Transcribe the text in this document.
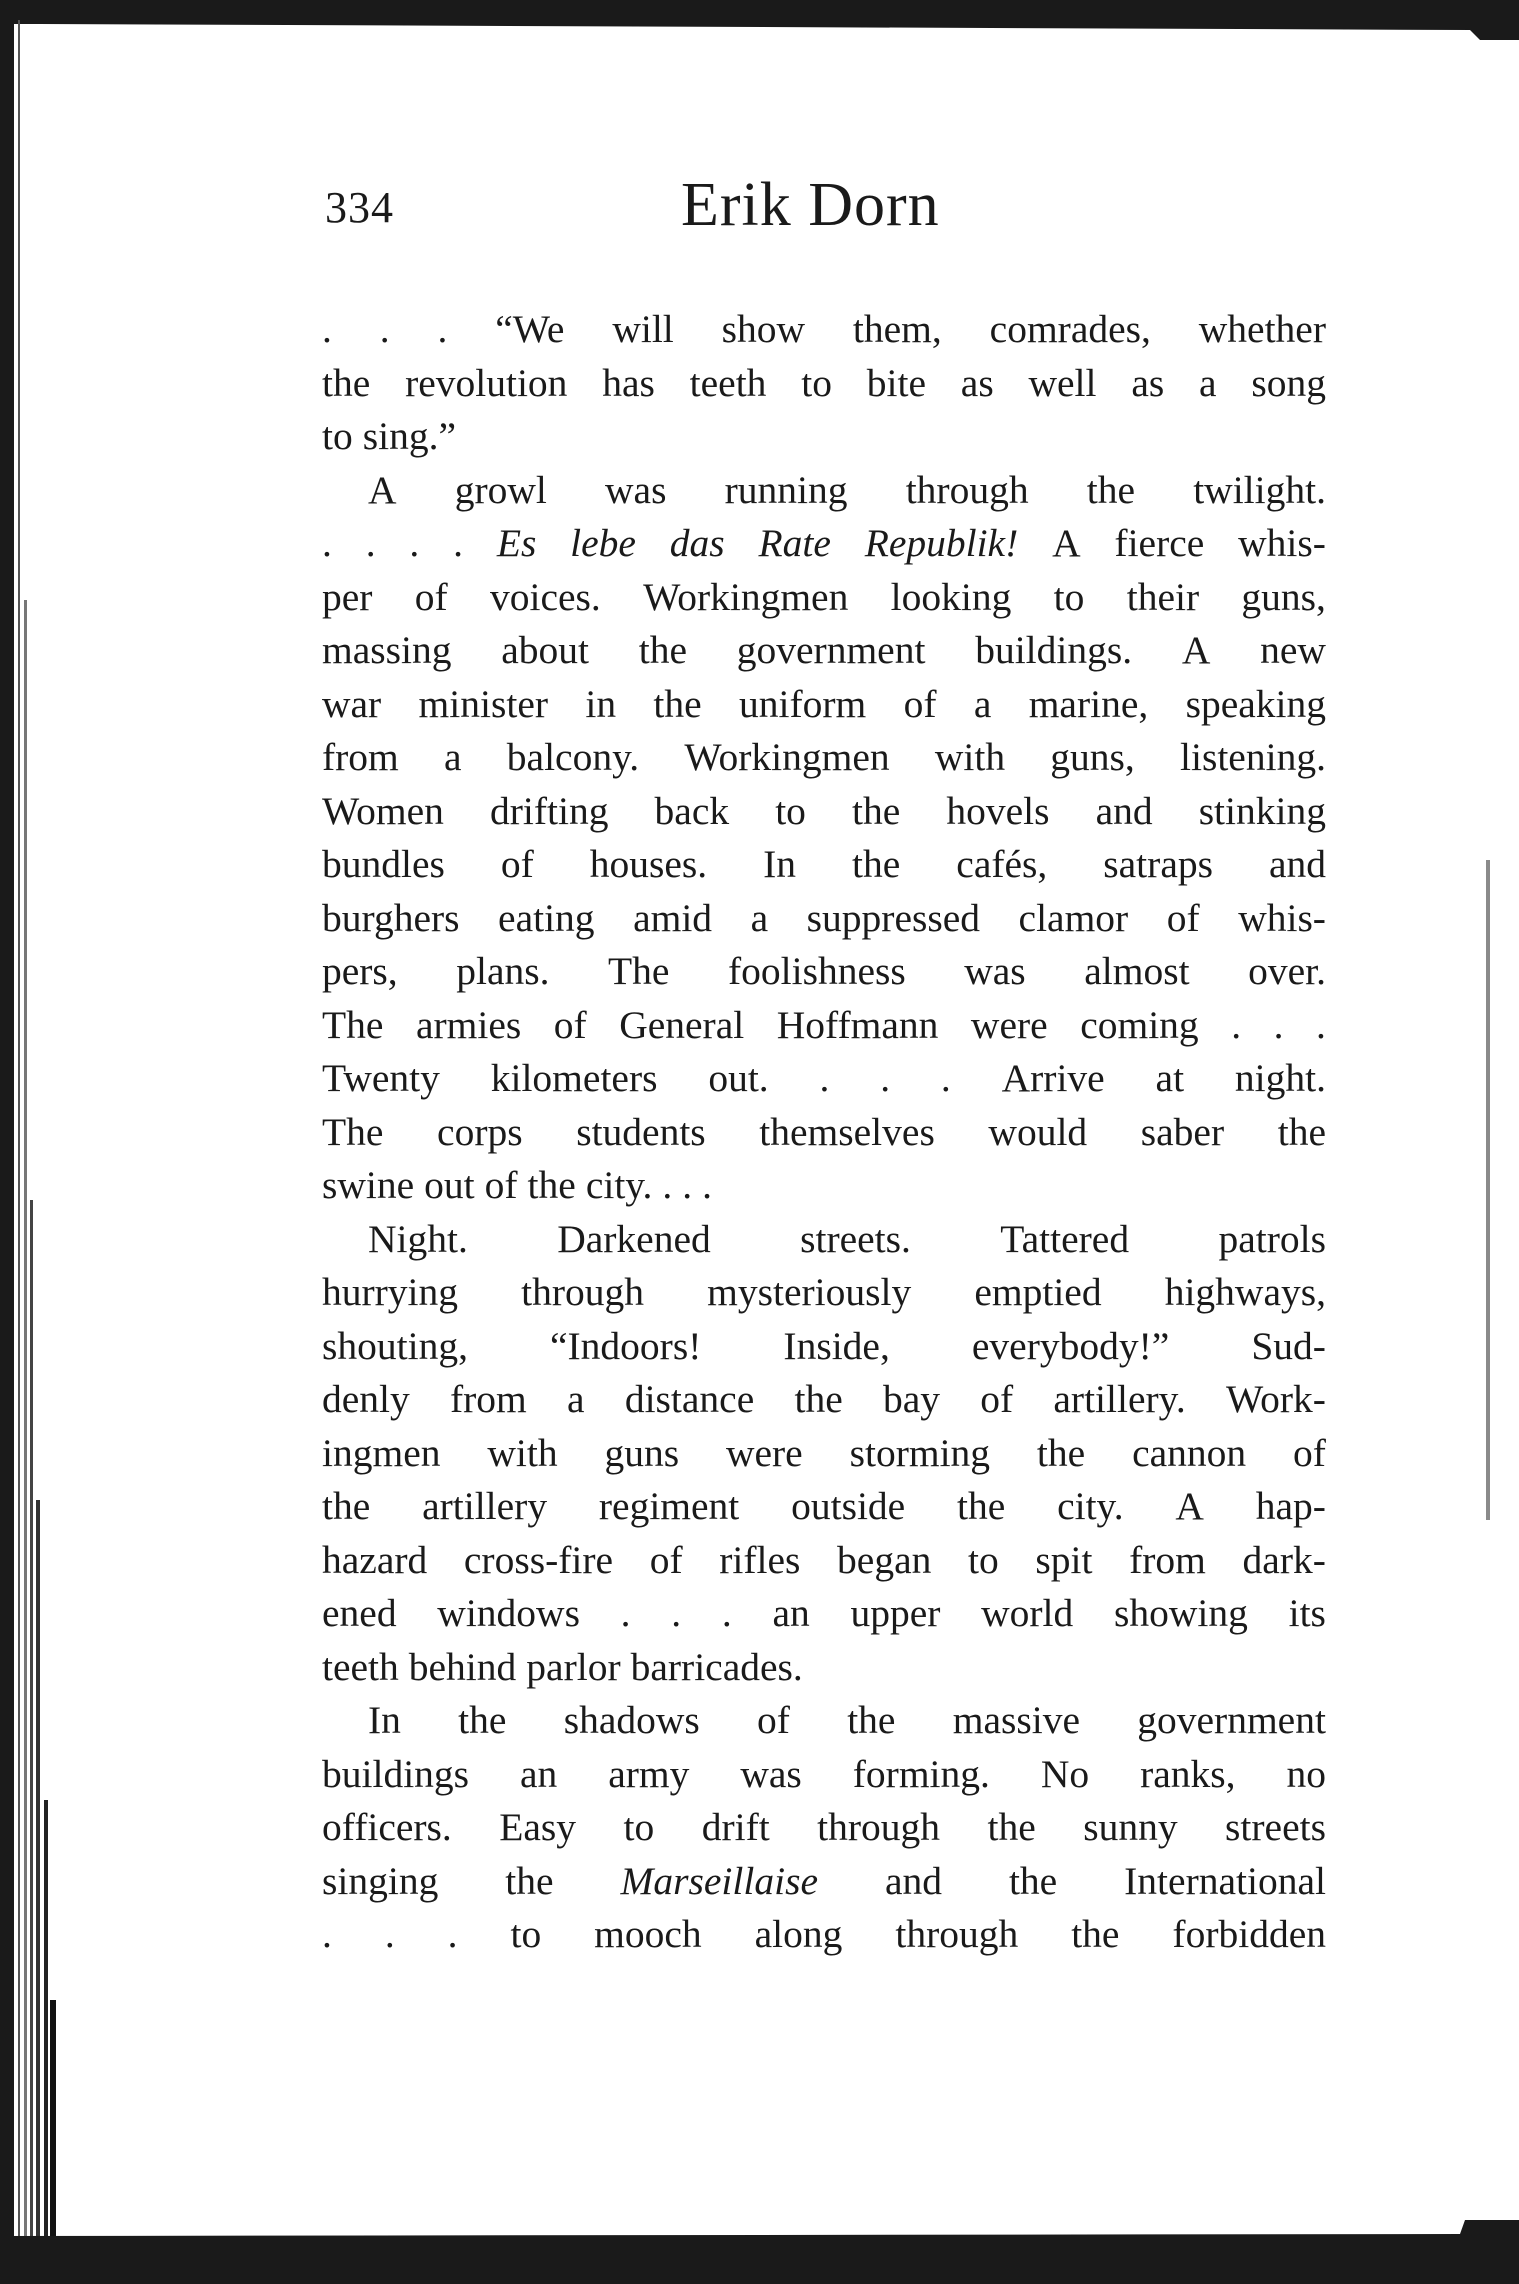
334	Erik Dorn
. . . “We will show them, comrades, whether
the revolution has teeth to bite as well as a song
to sing.”
A growl was running through the twilight.
. . . . Es lebe das Rate Republik! A fierce whis-
per of voices. Workingmen looking to their guns,
massing about the government buildings. A new
war minister in the uniform of a marine, speaking
from a balcony. Workingmen with guns, listening.
Women drifting back to the hovels and stinking
bundles of houses. In the cafés, satraps and
burghers eating amid a suppressed clamor of whis-
pers, plans. The foolishness was almost over.
The armies of General Hoffmann were coming . . .
Twenty kilometers out. . . . Arrive at night.
The corps students themselves would saber the
swine out of the city. . . .
Night. Darkened streets. Tattered patrols
hurrying through mysteriously emptied highways,
shouting, “Indoors! Inside, everybody!” Sud-
denly from a distance the bay of artillery. Work-
ingmen with guns were storming the cannon of
the artillery regiment outside the city. A hap-
hazard cross-fire of rifles began to spit from dark-
ened windows . . . an upper world showing its
teeth behind parlor barricades.
In the shadows of the massive government
buildings an army was forming. No ranks, no
officers. Easy to drift through the sunny streets
singing the Marseillaise and the International
. . . to mooch along through the forbidden
